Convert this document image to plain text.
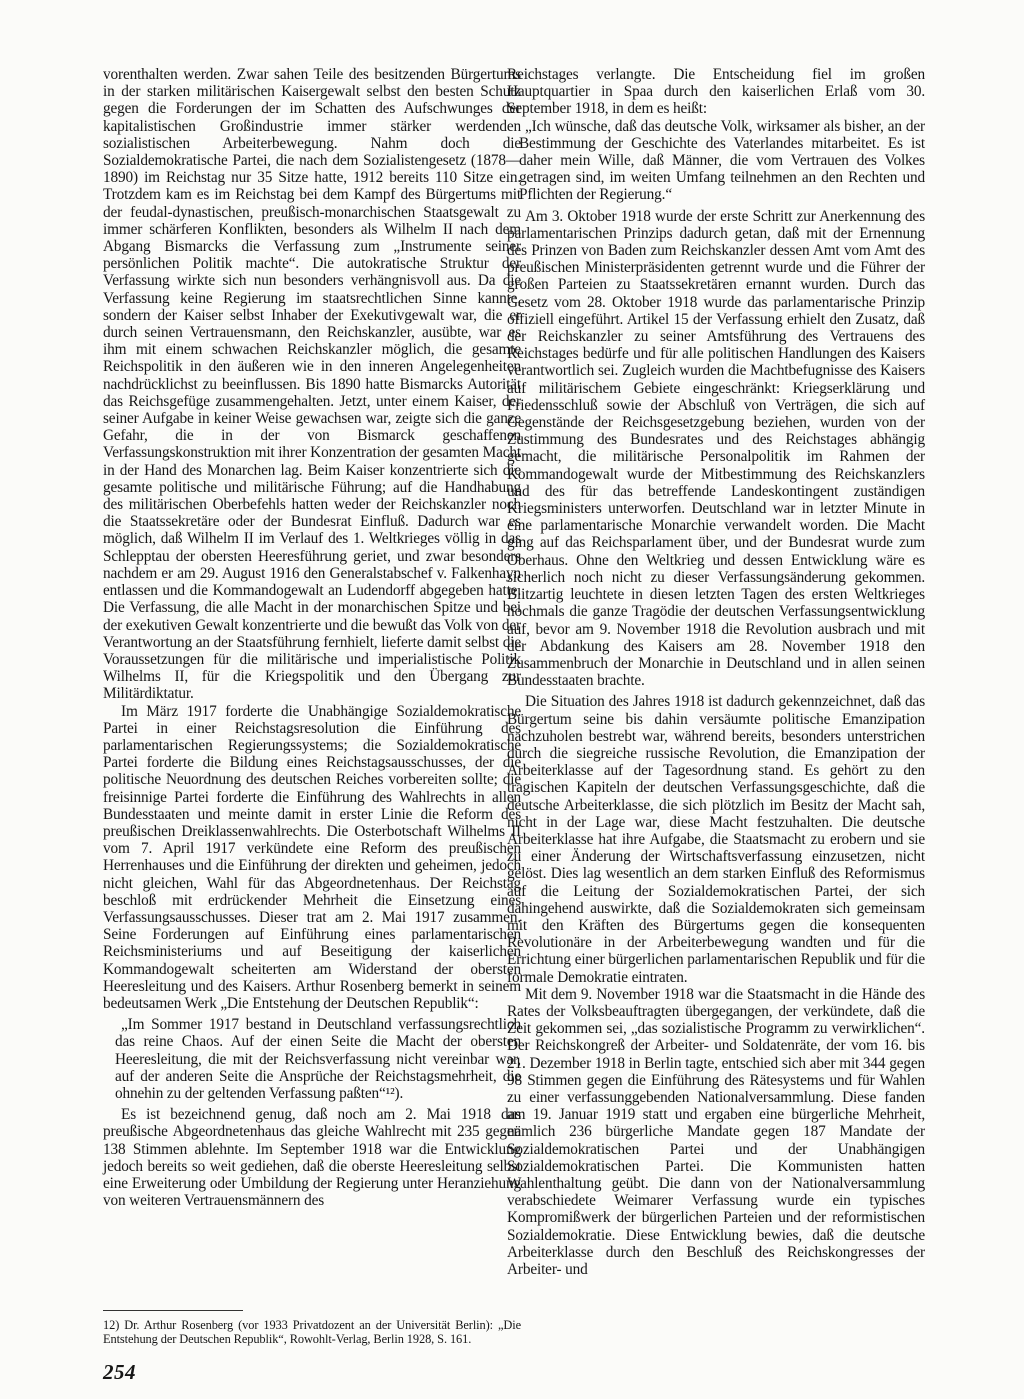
vorenthalten werden. Zwar sahen Teile des besitzenden Bürgertums in der starken militärischen Kaisergewalt selbst den besten Schutz gegen die Forderungen der im Schatten des Aufschwunges der kapitalistischen Großindustrie immer stärker werdenden sozialistischen Arbeiterbewegung. Nahm doch die Sozialdemokratische Partei, die nach dem Sozialistengesetz (1878—1890) im Reichstag nur 35 Sitze hatte, 1912 bereits 110 Sitze ein. Trotzdem kam es im Reichstag bei dem Kampf des Bürgertums mit der feudal-dynastischen, preußisch-monarchischen Staatsgewalt zu immer schärferen Konflikten, besonders als Wilhelm II nach dem Abgang Bismarcks die Verfassung zum „Instrumente seiner persönlichen Politik machte“. Die autokratische Struktur der Verfassung wirkte sich nun besonders verhängnisvoll aus. Da die Verfassung keine Regierung im staatsrechtlichen Sinne kannte, sondern der Kaiser selbst Inhaber der Exekutivgewalt war, die er durch seinen Vertrauensmann, den Reichskanzler, ausübte, war es ihm mit einem schwachen Reichskanzler möglich, die gesamte Reichspolitik in den äußeren wie in den inneren Angelegenheiten nachdrücklichst zu beeinflussen. Bis 1890 hatte Bismarcks Autorität das Reichsgefüge zusammengehalten. Jetzt, unter einem Kaiser, der seiner Aufgabe in keiner Weise gewachsen war, zeigte sich die ganze Gefahr, die in der von Bismarck geschaffenen Verfassungskonstruktion mit ihrer Konzentration der gesamten Macht in der Hand des Monarchen lag. Beim Kaiser konzentrierte sich die gesamte politische und militärische Führung; auf die Handhabung des militärischen Oberbefehls hatten weder der Reichskanzler noch die Staatssekretäre oder der Bundesrat Einfluß. Dadurch war es möglich, daß Wilhelm II im Verlauf des 1. Weltkrieges völlig in das Schlepptau der obersten Heeresführung geriet, und zwar besonders nachdem er am 29. August 1916 den Generalstabschef v. Falkenhayn entlassen und die Kommandogewalt an Ludendorff abgegeben hatte. Die Verfassung, die alle Macht in der monarchischen Spitze und bei der exekutiven Gewalt konzentrierte und die bewußt das Volk von der Verantwortung an der Staatsführung fernhielt, lieferte damit selbst die Voraussetzungen für die militärische und imperialistische Politik Wilhelms II, für die Kriegspolitik und den Übergang zur Militärdiktatur.

Im März 1917 forderte die Unabhängige Sozialdemokratische Partei in einer Reichstagsresolution die Einführung des parlamentarischen Regierungssystems; die Sozialdemokratische Partei forderte die Bildung eines Reichstagsausschusses, der die politische Neuordnung des deutschen Reiches vorbereiten sollte; die freisinnige Partei forderte die Einführung des Wahlrechts in allen Bundesstaaten und meinte damit in erster Linie die Reform des preußischen Dreiklassenwahlrechts. Die Osterbotschaft Wilhelms II vom 7. April 1917 verkündete eine Reform des preußischen Herrenhauses und die Einführung der direkten und geheimen, jedoch nicht gleichen, Wahl für das Abgeordnetenhaus. Der Reichstag beschloß mit erdrückender Mehrheit die Einsetzung eines Verfassungsausschusses. Dieser trat am 2. Mai 1917 zusammen. Seine Forderungen auf Einführung eines parlamentarischen Reichsministeriums und auf Beseitigung der kaiserlichen Kommandogewalt scheiterten am Widerstand der obersten Heeresleitung und des Kaisers. Arthur Rosenberg bemerkt in seinem bedeutsamen Werk „Die Entstehung der Deutschen Republik“:

„Im Sommer 1917 bestand in Deutschland verfassungsrechtlich das reine Chaos. Auf der einen Seite die Macht der obersten Heeresleitung, die mit der Reichsverfassung nicht vereinbar war, auf der anderen Seite die Ansprüche der Reichstagsmehrheit, die ohnehin zu der geltenden Verfassung paßten“¹²).

Es ist bezeichnend genug, daß noch am 2. Mai 1918 das preußische Abgeordnetenhaus das gleiche Wahlrecht mit 235 gegen 138 Stimmen ablehnte. Im September 1918 war die Entwicklung jedoch bereits so weit gediehen, daß die oberste Heeresleitung selbst eine Erweiterung oder Umbildung der Regierung unter Heranziehung von weiteren Vertrauensmännern des

Reichstages verlangte. Die Entscheidung fiel im großen Hauptquartier in Spaa durch den kaiserlichen Erlaß vom 30. September 1918, in dem es heißt:

„Ich wünsche, daß das deutsche Volk, wirksamer als bisher, an der Bestimmung der Geschichte des Vaterlandes mitarbeitet. Es ist daher mein Wille, daß Männer, die vom Vertrauen des Volkes getragen sind, im weiten Umfang teilnehmen an den Rechten und Pflichten der Regierung.“

Am 3. Oktober 1918 wurde der erste Schritt zur Anerkennung des parlamentarischen Prinzips dadurch getan, daß mit der Ernennung des Prinzen von Baden zum Reichskanzler dessen Amt vom Amt des preußischen Ministerpräsidenten getrennt wurde und die Führer der großen Parteien zu Staatssekretären ernannt wurden. Durch das Gesetz vom 28. Oktober 1918 wurde das parlamentarische Prinzip offiziell eingeführt. Artikel 15 der Verfassung erhielt den Zusatz, daß der Reichskanzler zu seiner Amtsführung des Vertrauens des Reichstages bedürfe und für alle politischen Handlungen des Kaisers verantwortlich sei. Zugleich wurden die Machtbefugnisse des Kaisers auf militärischem Gebiete eingeschränkt: Kriegserklärung und Friedensschluß sowie der Abschluß von Verträgen, die sich auf Gegenstände der Reichsgesetzgebung beziehen, wurden von der Zustimmung des Bundesrates und des Reichstages abhängig gemacht, die militärische Personalpolitik im Rahmen der Kommandogewalt wurde der Mitbestimmung des Reichskanzlers und des für das betreffende Landeskontingent zuständigen Kriegsministers unterworfen. Deutschland war in letzter Minute in eine parlamentarische Monarchie verwandelt worden. Die Macht ging auf das Reichsparlament über, und der Bundesrat wurde zum Oberhaus. Ohne den Weltkrieg und dessen Entwicklung wäre es sicherlich noch nicht zu dieser Verfassungsänderung gekommen. Blitzartig leuchtete in diesen letzten Tagen des ersten Weltkrieges nochmals die ganze Tragödie der deutschen Verfassungsentwicklung auf, bevor am 9. November 1918 die Revolution ausbrach und mit der Abdankung des Kaisers am 28. November 1918 den Zusammenbruch der Monarchie in Deutschland und in allen seinen Bundesstaaten brachte.

Die Situation des Jahres 1918 ist dadurch gekennzeichnet, daß das Bürgertum seine bis dahin versäumte politische Emanzipation nachzuholen bestrebt war, während bereits, besonders unterstrichen durch die siegreiche russische Revolution, die Emanzipation der Arbeiterklasse auf der Tagesordnung stand. Es gehört zu den tragischen Kapiteln der deutschen Verfassungsgeschichte, daß die deutsche Arbeiterklasse, die sich plötzlich im Besitz der Macht sah, nicht in der Lage war, diese Macht festzuhalten. Die deutsche Arbeiterklasse hat ihre Aufgabe, die Staatsmacht zu erobern und sie zu einer Änderung der Wirtschaftsverfassung einzusetzen, nicht gelöst. Dies lag wesentlich an dem starken Einfluß des Reformismus auf die Leitung der Sozialdemokratischen Partei, der sich dahingehend auswirkte, daß die Sozialdemokraten sich gemeinsam mit den Kräften des Bürgertums gegen die konsequenten Revolutionäre in der Arbeiterbewegung wandten und für die Errichtung einer bürgerlichen parlamentarischen Republik und für die formale Demokratie eintraten.

Mit dem 9. November 1918 war die Staatsmacht in die Hände des Rates der Volksbeauftragten übergegangen, der verkündete, daß die Zeit gekommen sei, „das sozialistische Programm zu verwirklichen“. Der Reichskongreß der Arbeiter- und Soldatenräte, der vom 16. bis 21. Dezember 1918 in Berlin tagte, entschied sich aber mit 344 gegen 98 Stimmen gegen die Einführung des Rätesystems und für Wahlen zu einer verfassunggebenden Nationalversammlung. Diese fanden am 19. Januar 1919 statt und ergaben eine bürgerliche Mehrheit, nämlich 236 bürgerliche Mandate gegen 187 Mandate der Sozialdemokratischen Partei und der Unabhängigen Sozialdemokratischen Partei. Die Kommunisten hatten Wahlenthaltung geübt. Die dann von der Nationalversammlung verabschiedete Weimarer Verfassung wurde ein typisches Kompromißwerk der bürgerlichen Parteien und der reformistischen Sozialdemokratie. Diese Entwicklung bewies, daß die deutsche Arbeiterklasse durch den Beschluß des Reichskongresses der Arbeiter- und

12) Dr. Arthur Rosenberg (vor 1933 Privatdozent an der Universität Berlin): „Die Entstehung der Deutschen Republik“, Rowohlt-Verlag, Berlin 1928, S. 161.
254
